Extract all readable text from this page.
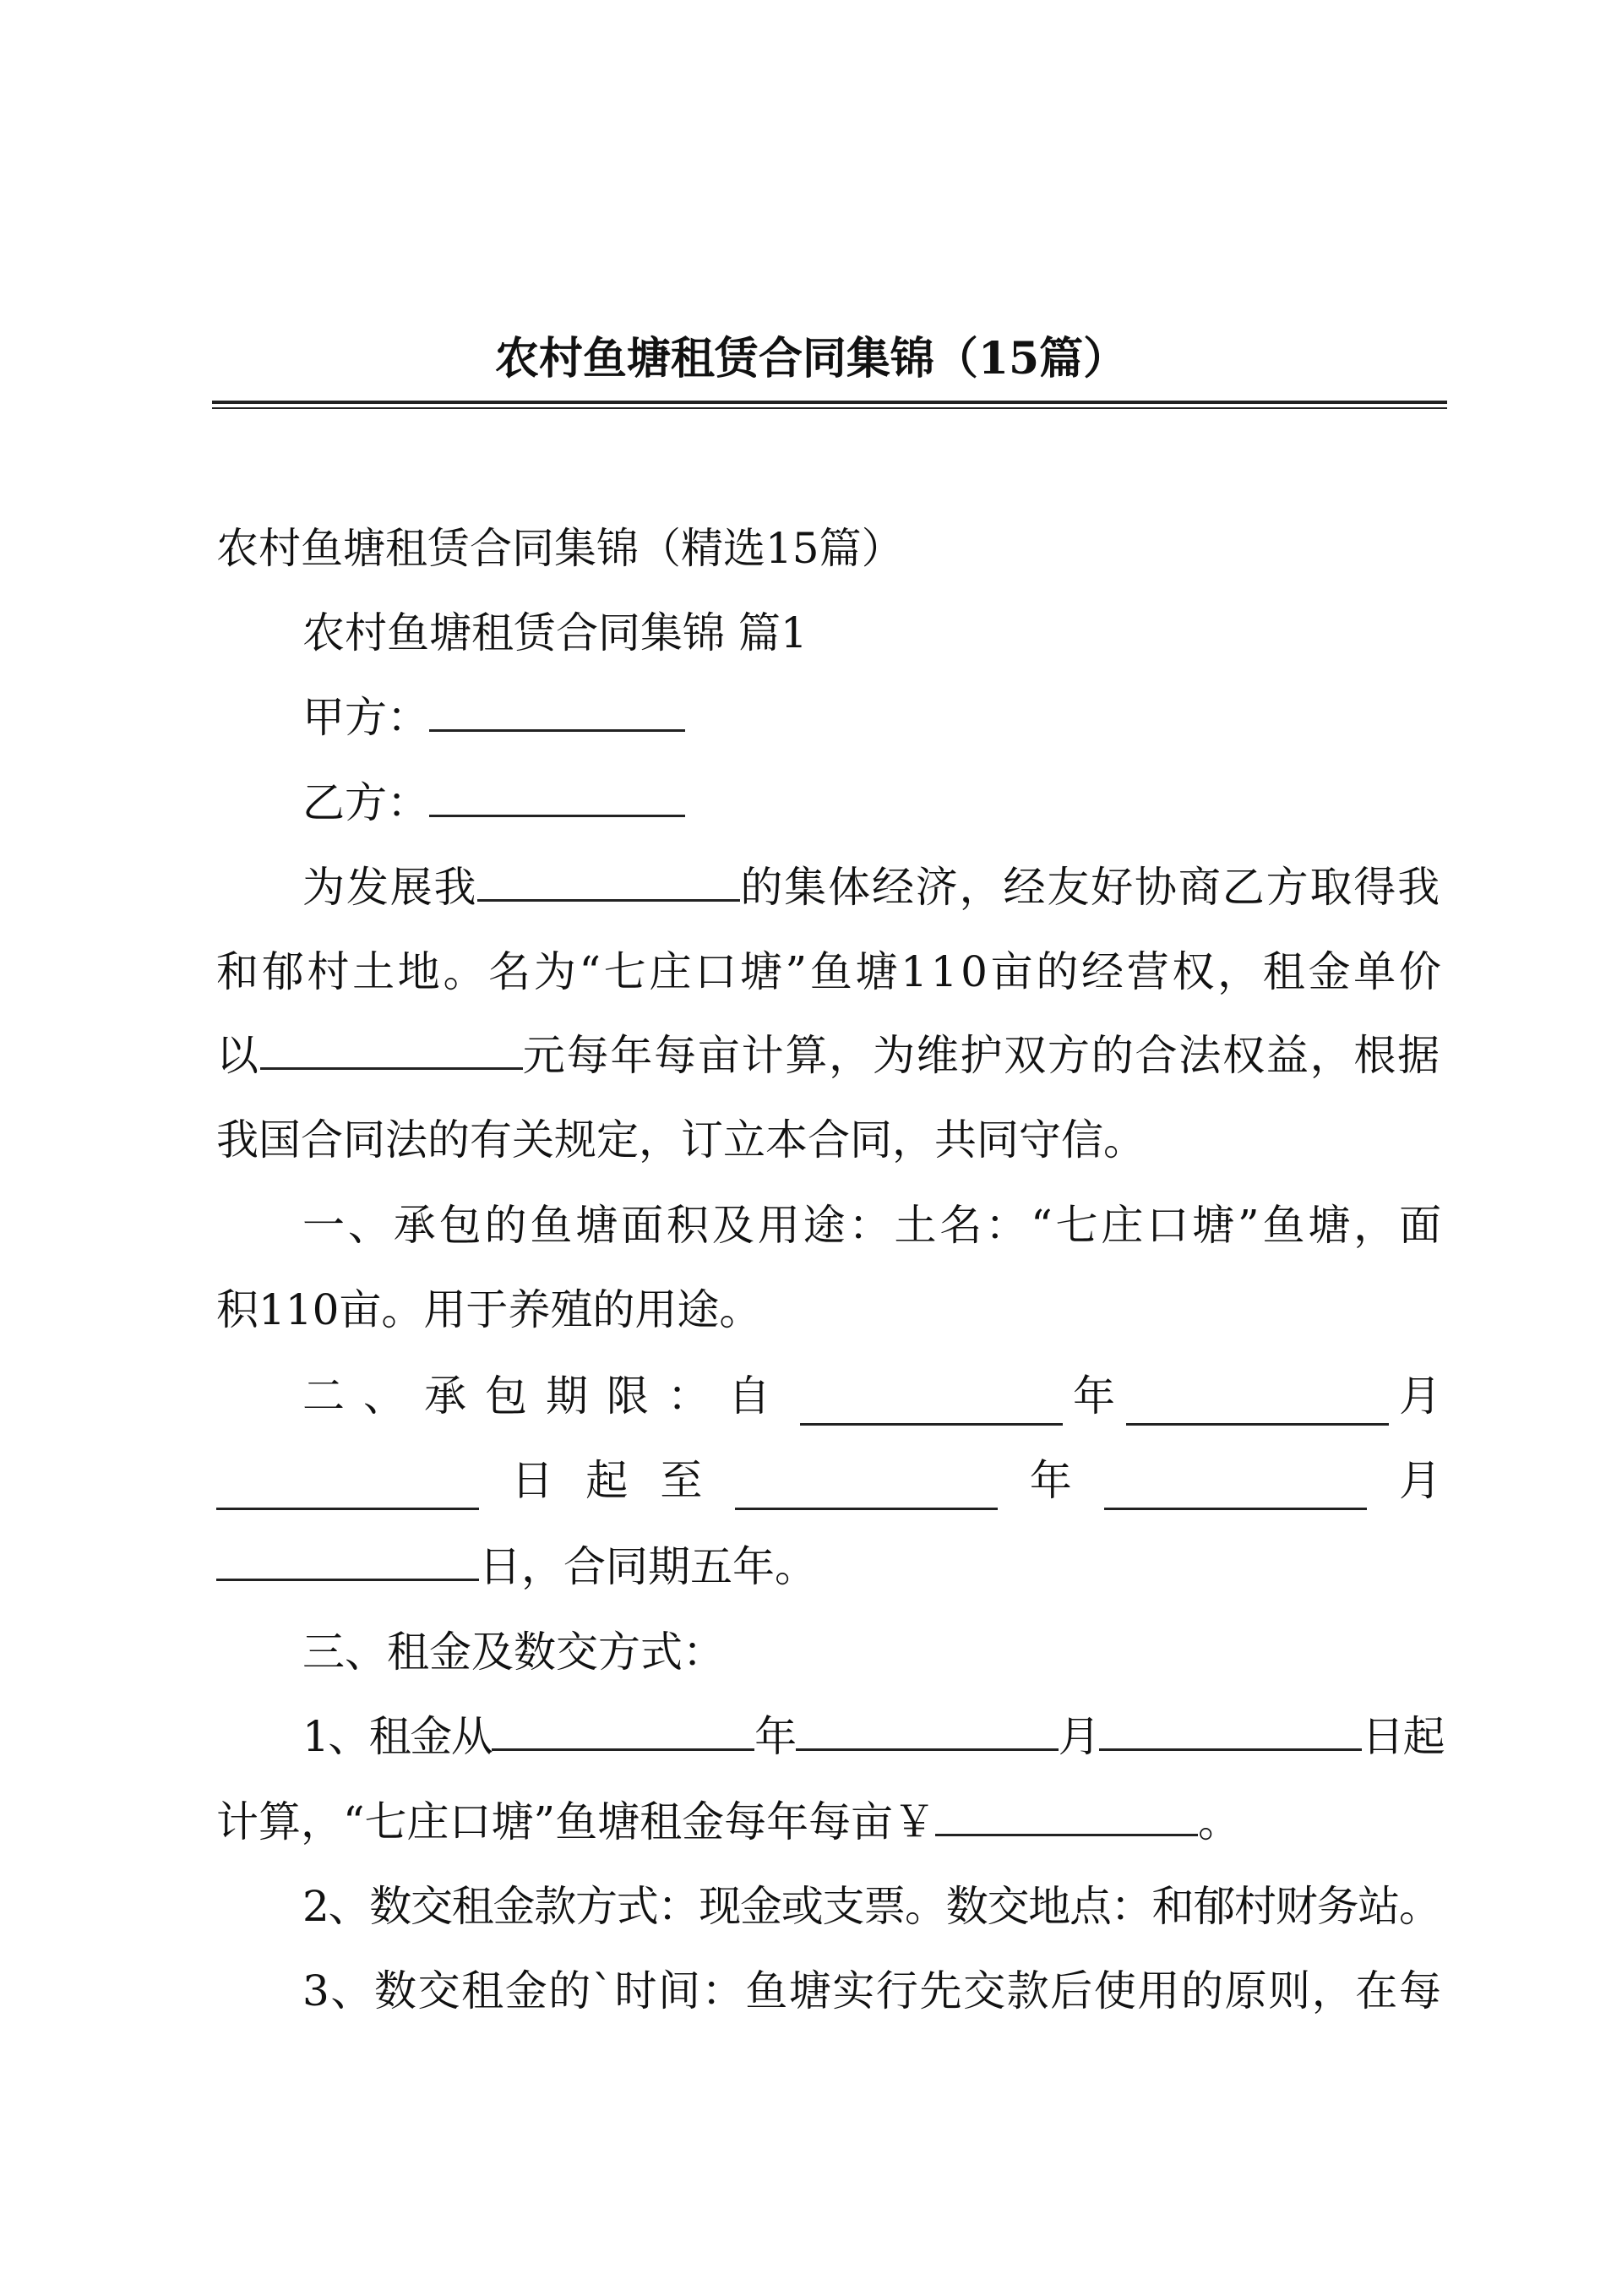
农村鱼塘租赁合同集锦（15篇）
农村鱼塘租赁合同集锦（精选15篇）
农村鱼塘租赁合同集锦 篇1
甲方：
乙方：
为发展我	的集体经济，经友好协商乙方取得我
和郁村土地。名为“七庄口塘”鱼塘110亩的经营权，租金单价
以	元每年每亩计算，为维护双方的合法权益，根据
我国合同法的有关规定，订立本合同，共同守信。
一、承包的鱼塘面积及用途：土名：“七庄口塘”鱼塘，面
积110亩。用于养殖的用途。
二、承包期限：自	年	月
日 起 至	年	月
日，合同期五年。
三、租金及数交方式：
1、租金从	年	月	日起
计算，“七庄口塘”鱼塘租金每年每亩￥	。
2、数交租金款方式：现金或支票。数交地点：和郁村财务站。
3、数交租金的`时间：鱼塘实行先交款后使用的原则，在每
